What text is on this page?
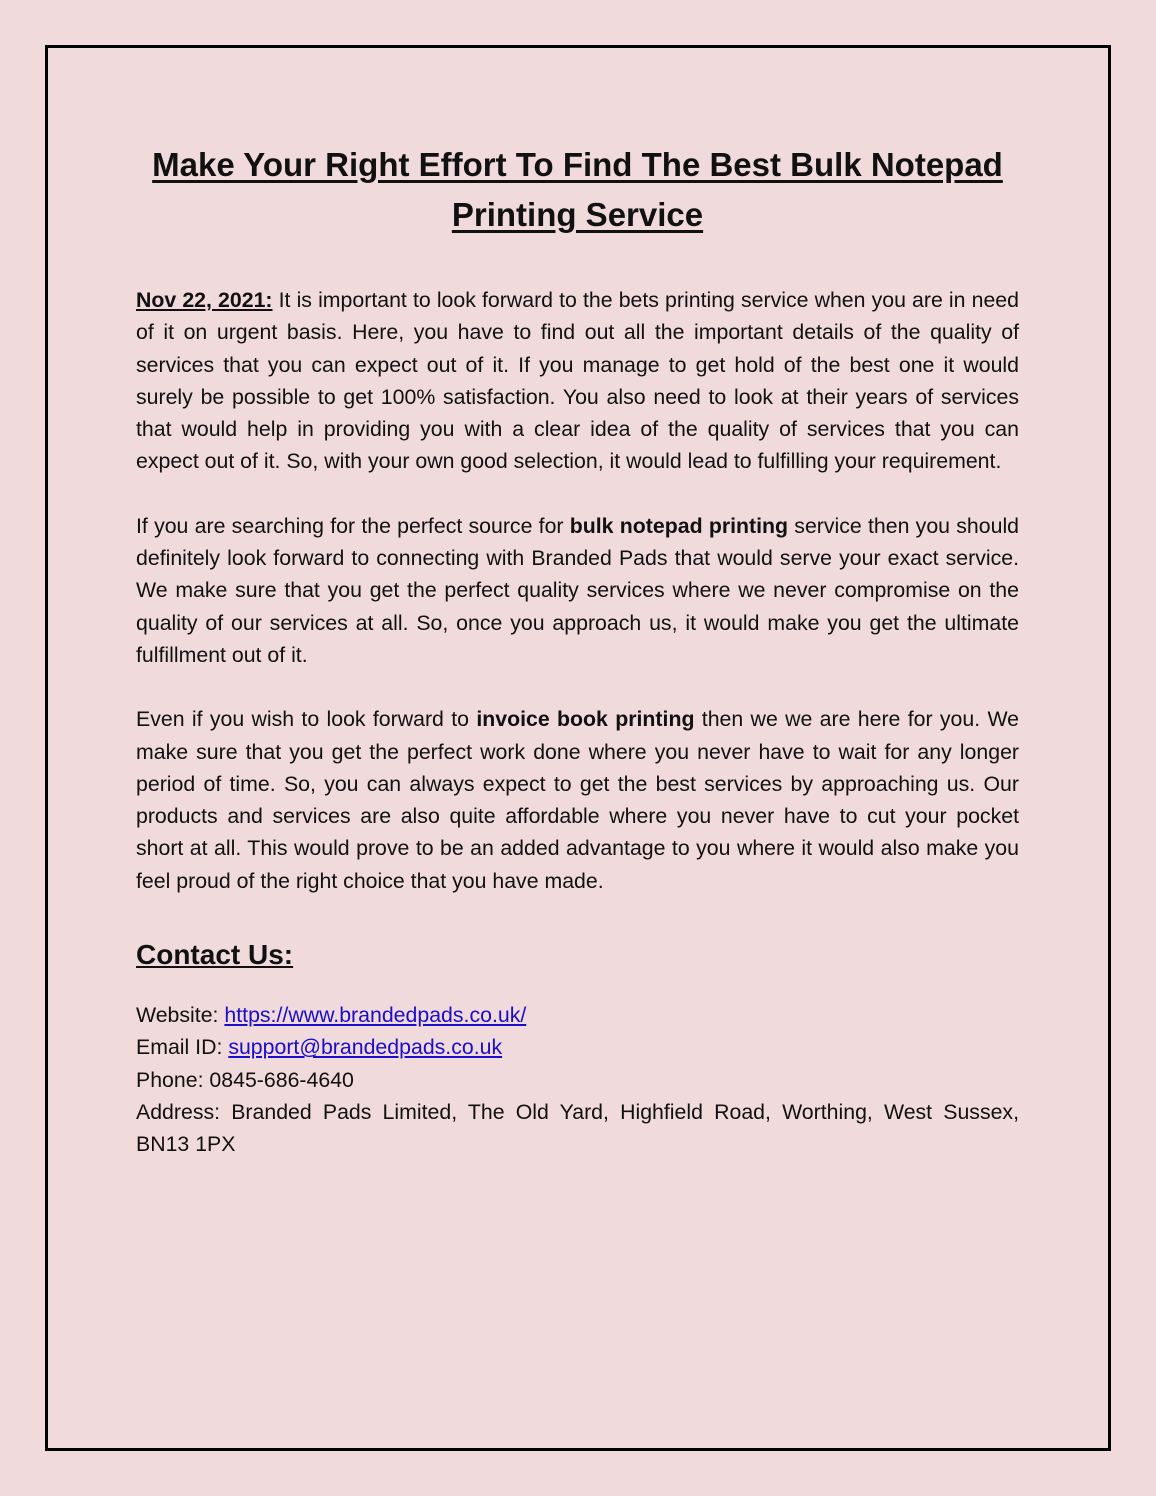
Make Your Right Effort To Find The Best Bulk Notepad Printing Service

Nov 22, 2021: It is important to look forward to the bets printing service when you are in need of it on urgent basis. Here, you have to find out all the important details of the quality of services that you can expect out of it. If you manage to get hold of the best one it would surely be possible to get 100% satisfaction. You also need to look at their years of services that would help in providing you with a clear idea of the quality of services that you can expect out of it. So, with your own good selection, it would lead to fulfilling your requirement.

If you are searching for the perfect source for bulk notepad printing service then you should definitely look forward to connecting with Branded Pads that would serve your exact service. We make sure that you get the perfect quality services where we never compromise on the quality of our services at all. So, once you approach us, it would make you get the ultimate fulfillment out of it.

Even if you wish to look forward to invoice book printing then we we are here for you. We make sure that you get the perfect work done where you never have to wait for any longer period of time. So, you can always expect to get the best services by approaching us. Our products and services are also quite affordable where you never have to cut your pocket short at all. This would prove to be an added advantage to you where it would also make you feel proud of the right choice that you have made.

Contact Us:
Website: https://www.brandedpads.co.uk/
Email ID: support@brandedpads.co.uk
Phone: 0845-686-4640
Address: Branded Pads Limited, The Old Yard, Highfield Road, Worthing, West Sussex, BN13 1PX
